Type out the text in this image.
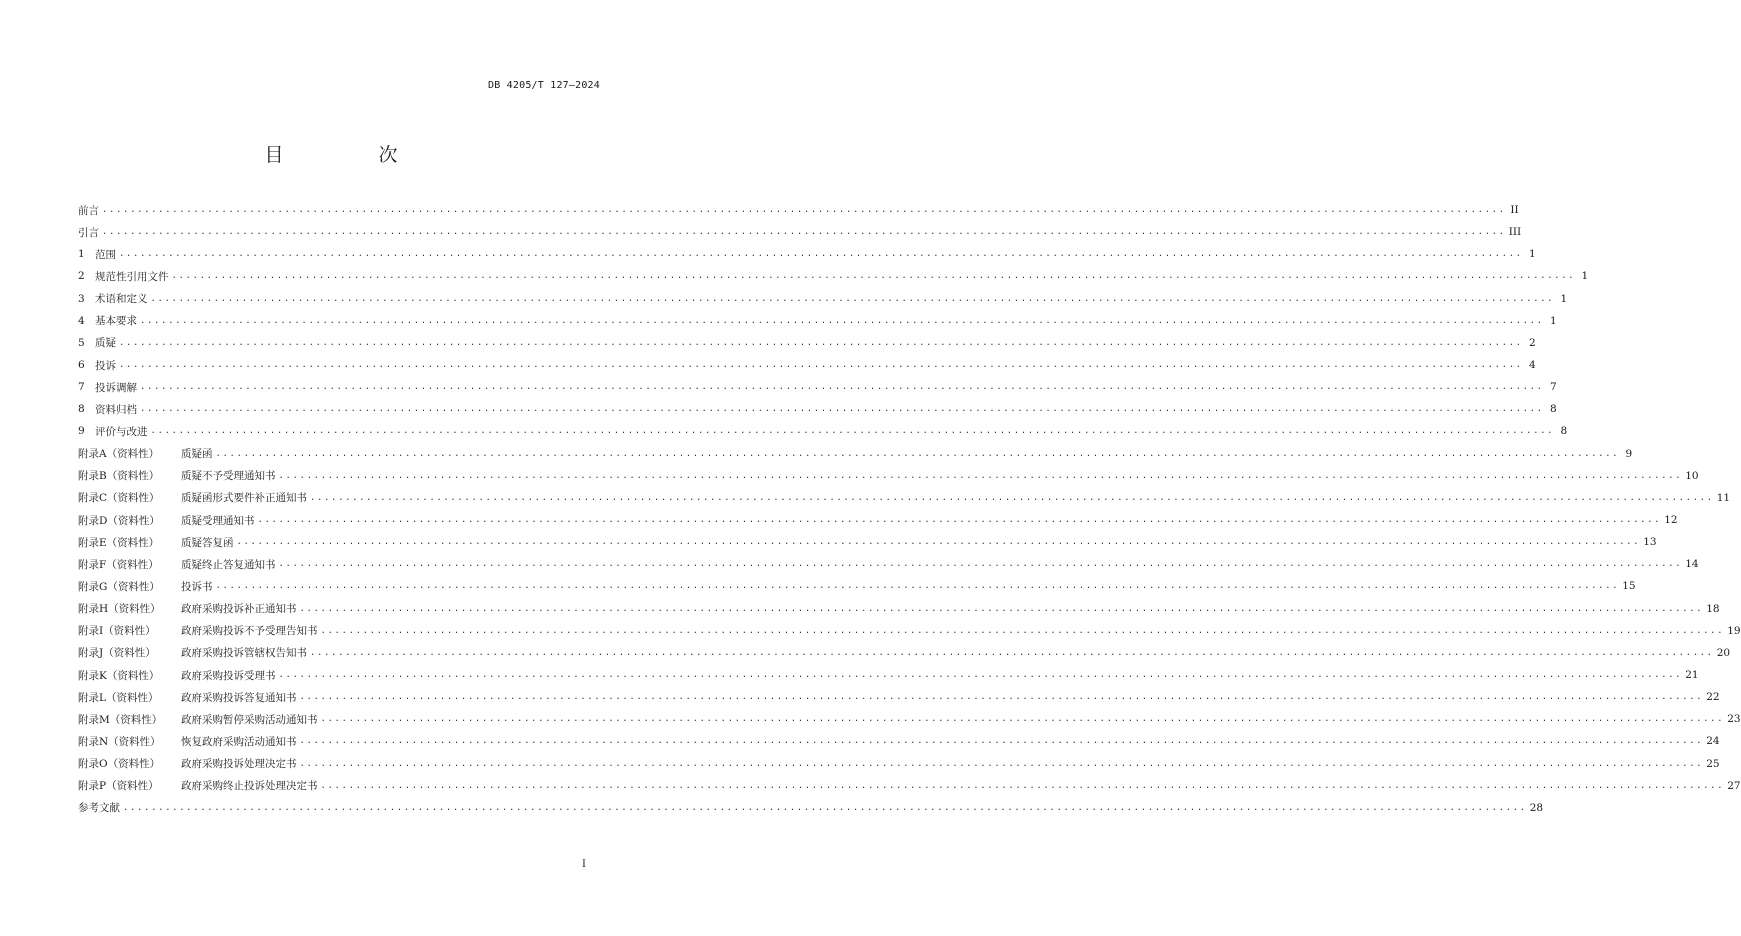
DB 4205/T 127—2024
目　次
前言 ........................................................................................................................................................................................................ II
引言 ........................................................................................................................................................................................................ III
1 范围 ........................................................................................................................................................................................................ 1
2 规范性引用文件 ........................................................................................................................................................................................................ 1
3 术语和定义 ........................................................................................................................................................................................................ 1
4 基本要求 ........................................................................................................................................................................................................ 1
5 质疑 ........................................................................................................................................................................................................ 2
6 投诉 ........................................................................................................................................................................................................ 4
7 投诉调解 ........................................................................................................................................................................................................ 7
8 资料归档 ........................................................................................................................................................................................................ 8
9 评价与改进 ........................................................................................................................................................................................................ 8
附录A（资料性）	质疑函 ........................................................................................................................................................................................................ 9
附录B（资料性）	质疑不予受理通知书 ........................................................................................................................................................................................................ 10
附录C（资料性）	质疑函形式要件补正通知书 ........................................................................................................................................................................................................ 11
附录D（资料性）	质疑受理通知书 ........................................................................................................................................................................................................ 12
附录E（资料性）	质疑答复函 ........................................................................................................................................................................................................ 13
附录F（资料性）	质疑终止答复通知书 ........................................................................................................................................................................................................ 14
附录G（资料性）	投诉书 ........................................................................................................................................................................................................ 15
附录H（资料性）	政府采购投诉补正通知书 ........................................................................................................................................................................................................ 18
附录I（资料性）	政府采购投诉不予受理告知书 ........................................................................................................................................................................................................ 19
附录J（资料性）	政府采购投诉管辖权告知书 ........................................................................................................................................................................................................ 20
附录K（资料性）	政府采购投诉受理书 ........................................................................................................................................................................................................ 21
附录L（资料性）	政府采购投诉答复通知书 ........................................................................................................................................................................................................ 22
附录M（资料性）	政府采购暂停采购活动通知书 ........................................................................................................................................................................................................ 23
附录N（资料性）	恢复政府采购活动通知书 ........................................................................................................................................................................................................ 24
附录O（资料性）	政府采购投诉处理决定书 ........................................................................................................................................................................................................ 25
附录P（资料性）	政府采购终止投诉处理决定书 ........................................................................................................................................................................................................ 27
参考文献 ........................................................................................................................................................................................................ 28
I
